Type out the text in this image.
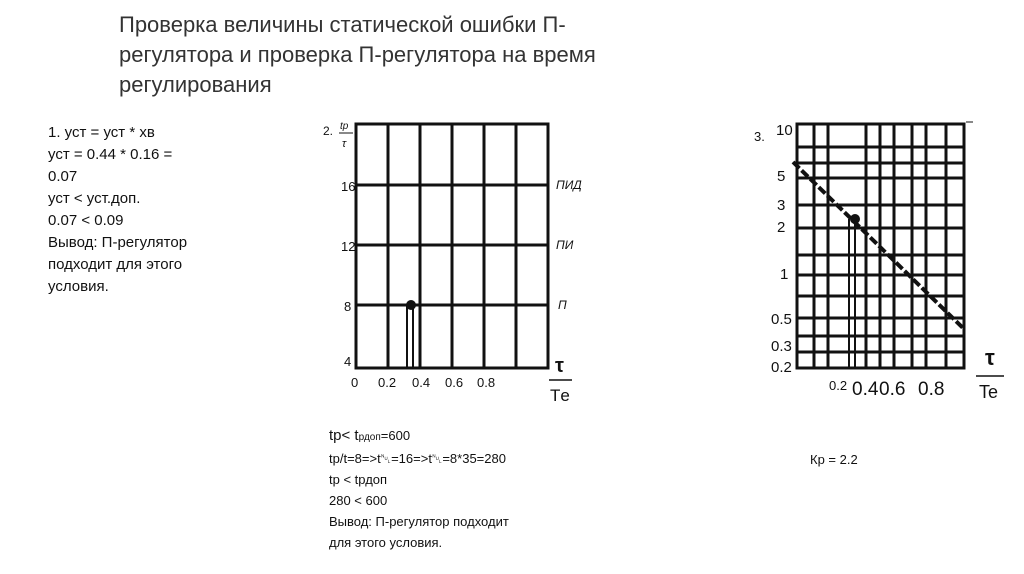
Проверка величины статической ошибки П-
регулятора и проверка П-регулятора на время
регулирования
1. уст = уст * хв
уст = 0.44 * 0.16 =
0.07
уст < уст.доп.
0.07 < 0.09
Вывод: П-регулятор
подходит для этого
условия.
tр< tрдоп=600
tр/t=8=>t␀=16=>t␀=8*35=280
tр < tрдоп
280 < 600
Вывод: П-регулятор подходит
для этого условия.
Кр = 2.2
2. tр
τ
16
12
8
4
0 0.2 0.4 0.6 0.8
ПИД
ПИ
П
τ
Tе
3. 10
5
3
2
1
0.5
0.3
0.2
0.2 0.4 0.6 0.8
τ
Te
